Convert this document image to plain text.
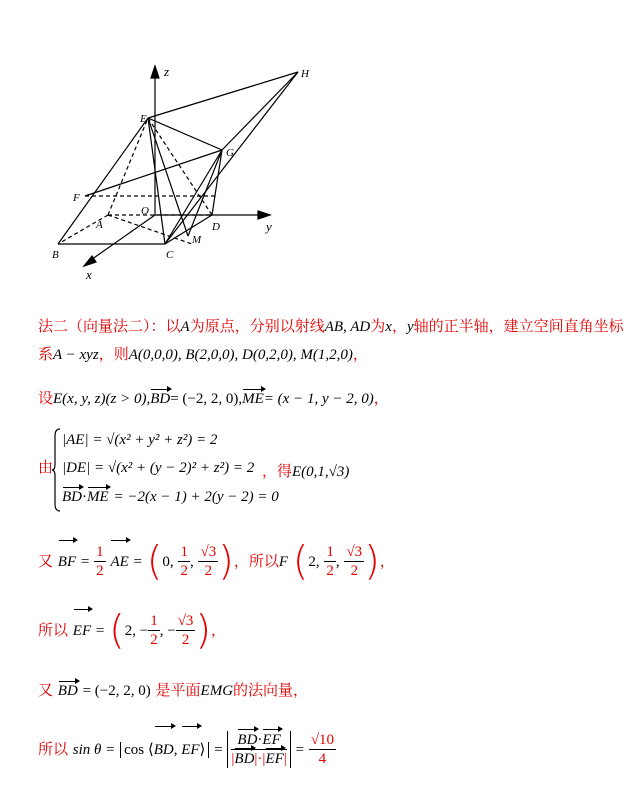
z
y
x
E
H
G
F
O
A	D
B	C
M
法二（向量法二）：以A为原点，分别以射线AB, AD为x，y轴的正半轴，建立空间直角坐标
系A − xyz，则A(0,0,0), B(2,0,0), D(0,2,0), M(1,2,0)，
设E(x, y, z)(z > 0),BD= (−2, 2, 0),ME= (x − 1, y − 2, 0)，
由
|AE| = √(x² + y² + z²) = 2
|DE| = √(x² + (y − 2)² + z²) = 2
BD·ME = −2(x − 1) + 2(y − 2) = 0
，得E(0,1,√3)
又 BF = $\frac{1}{2}$ AE = (0, $\frac{1}{2}$ , $\frac{√3}{2}$ )，所以F (2, $\frac{1}{2}$ , $\frac{√3}{2}$ )，
所以 EF = (2, − $\frac{1}{2}$ , − $\frac{√3}{2}$ )，
又 BD = (−2, 2, 0) 是平面EMG的法向量，
所以 sin θ = cos ⟨BD, EF⟩ = $\frac{BD\cdot EF}{|BD|\cdot|EF|} = \frac{√10}{4}$
